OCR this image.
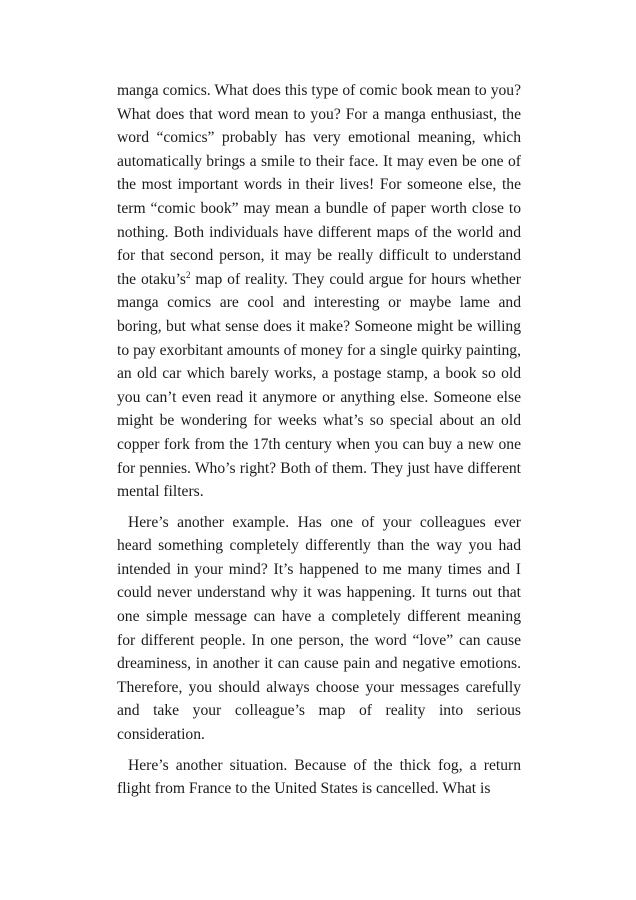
manga comics. What does this type of comic book mean to you? What does that word mean to you? For a manga enthusiast, the word “comics” probably has very emotional meaning, which automatically brings a smile to their face. It may even be one of the most important words in their lives! For someone else, the term “comic book” may mean a bundle of paper worth close to nothing. Both individuals have different maps of the world and for that second person, it may be really difficult to understand the otaku’s$^2$ map of reality. They could argue for hours whether manga comics are cool and interesting or maybe lame and boring, but what sense does it make? Someone might be willing to pay exorbitant amounts of money for a single quirky painting, an old car which barely works, a postage stamp, a book so old you can’t even read it anymore or anything else. Someone else might be wondering for weeks what’s so special about an old copper fork from the 17th century when you can buy a new one for pennies. Who’s right? Both of them. They just have different mental filters.

Here’s another example. Has one of your colleagues ever heard something completely differently than the way you had intended in your mind? It’s happened to me many times and I could never understand why it was happening. It turns out that one simple message can have a completely different meaning for different people. In one person, the word “love” can cause dreaminess, in another it can cause pain and negative emotions. Therefore, you should always choose your messages carefully and take your colleague’s map of reality into serious consideration.

Here’s another situation. Because of the thick fog, a return flight from France to the United States is cancelled. What is
